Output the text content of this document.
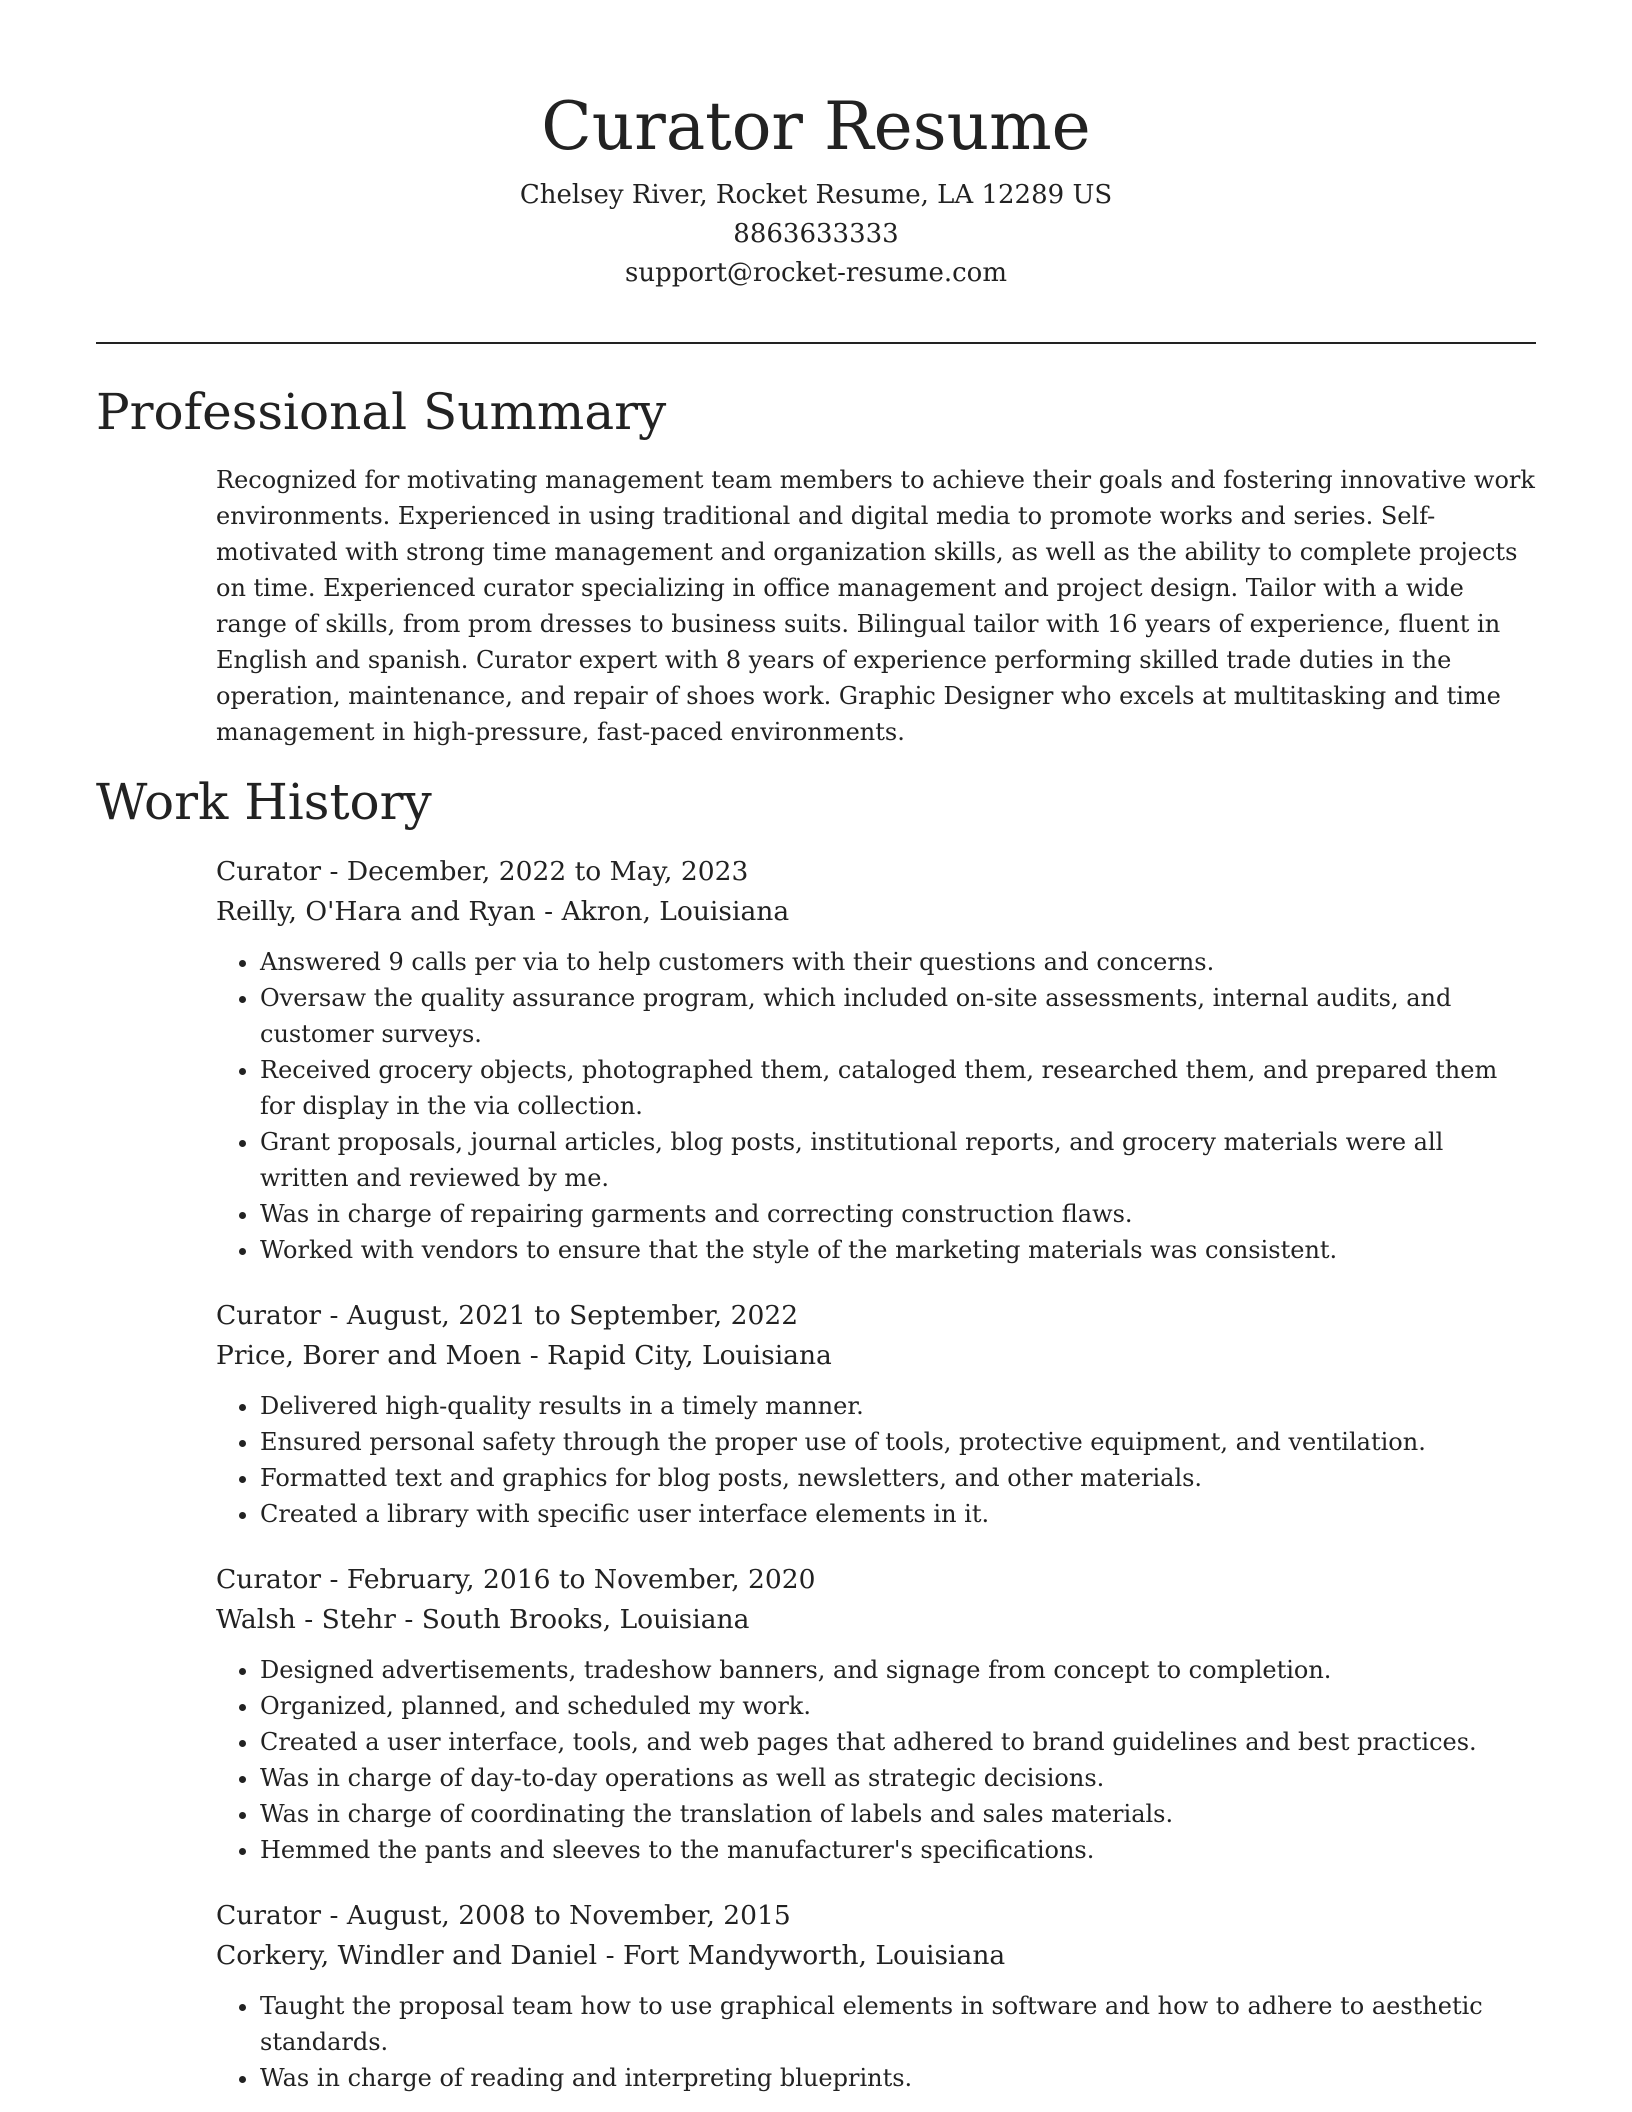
Curator Resume
Chelsey River, Rocket Resume, LA 12289 US
8863633333
support@rocket-resume.com
Professional Summary

Recognized for motivating management team members to achieve their goals and fostering innovative work environments. Experienced in using traditional and digital media to promote works and series. Self-motivated with strong time management and organization skills, as well as the ability to complete projects on time. Experienced curator specializing in office management and project design. Tailor with a wide range of skills, from prom dresses to business suits. Bilingual tailor with 16 years of experience, fluent in English and spanish. Curator expert with 8 years of experience performing skilled trade duties in the operation, maintenance, and repair of shoes work. Graphic Designer who excels at multitasking and time management in high-pressure, fast-paced environments.

Work History
Curator - December, 2022 to May, 2023
Reilly, O'Hara and Ryan - Akron, Louisiana
• Answered 9 calls per via to help customers with their questions and concerns.
• Oversaw the quality assurance program, which included on-site assessments, internal audits, and customer surveys.
• Received grocery objects, photographed them, cataloged them, researched them, and prepared them for display in the via collection.
• Grant proposals, journal articles, blog posts, institutional reports, and grocery materials were all written and reviewed by me.
• Was in charge of repairing garments and correcting construction flaws.
• Worked with vendors to ensure that the style of the marketing materials was consistent.
Curator - August, 2021 to September, 2022
Price, Borer and Moen - Rapid City, Louisiana
• Delivered high-quality results in a timely manner.
• Ensured personal safety through the proper use of tools, protective equipment, and ventilation.
• Formatted text and graphics for blog posts, newsletters, and other materials.
• Created a library with specific user interface elements in it.
Curator - February, 2016 to November, 2020
Walsh - Stehr - South Brooks, Louisiana
• Designed advertisements, tradeshow banners, and signage from concept to completion.
• Organized, planned, and scheduled my work.
• Created a user interface, tools, and web pages that adhered to brand guidelines and best practices.
• Was in charge of day-to-day operations as well as strategic decisions.
• Was in charge of coordinating the translation of labels and sales materials.
• Hemmed the pants and sleeves to the manufacturer's specifications.
Curator - August, 2008 to November, 2015
Corkery, Windler and Daniel - Fort Mandyworth, Louisiana
• Taught the proposal team how to use graphical elements in software and how to adhere to aesthetic standards.
• Was in charge of reading and interpreting blueprints.
